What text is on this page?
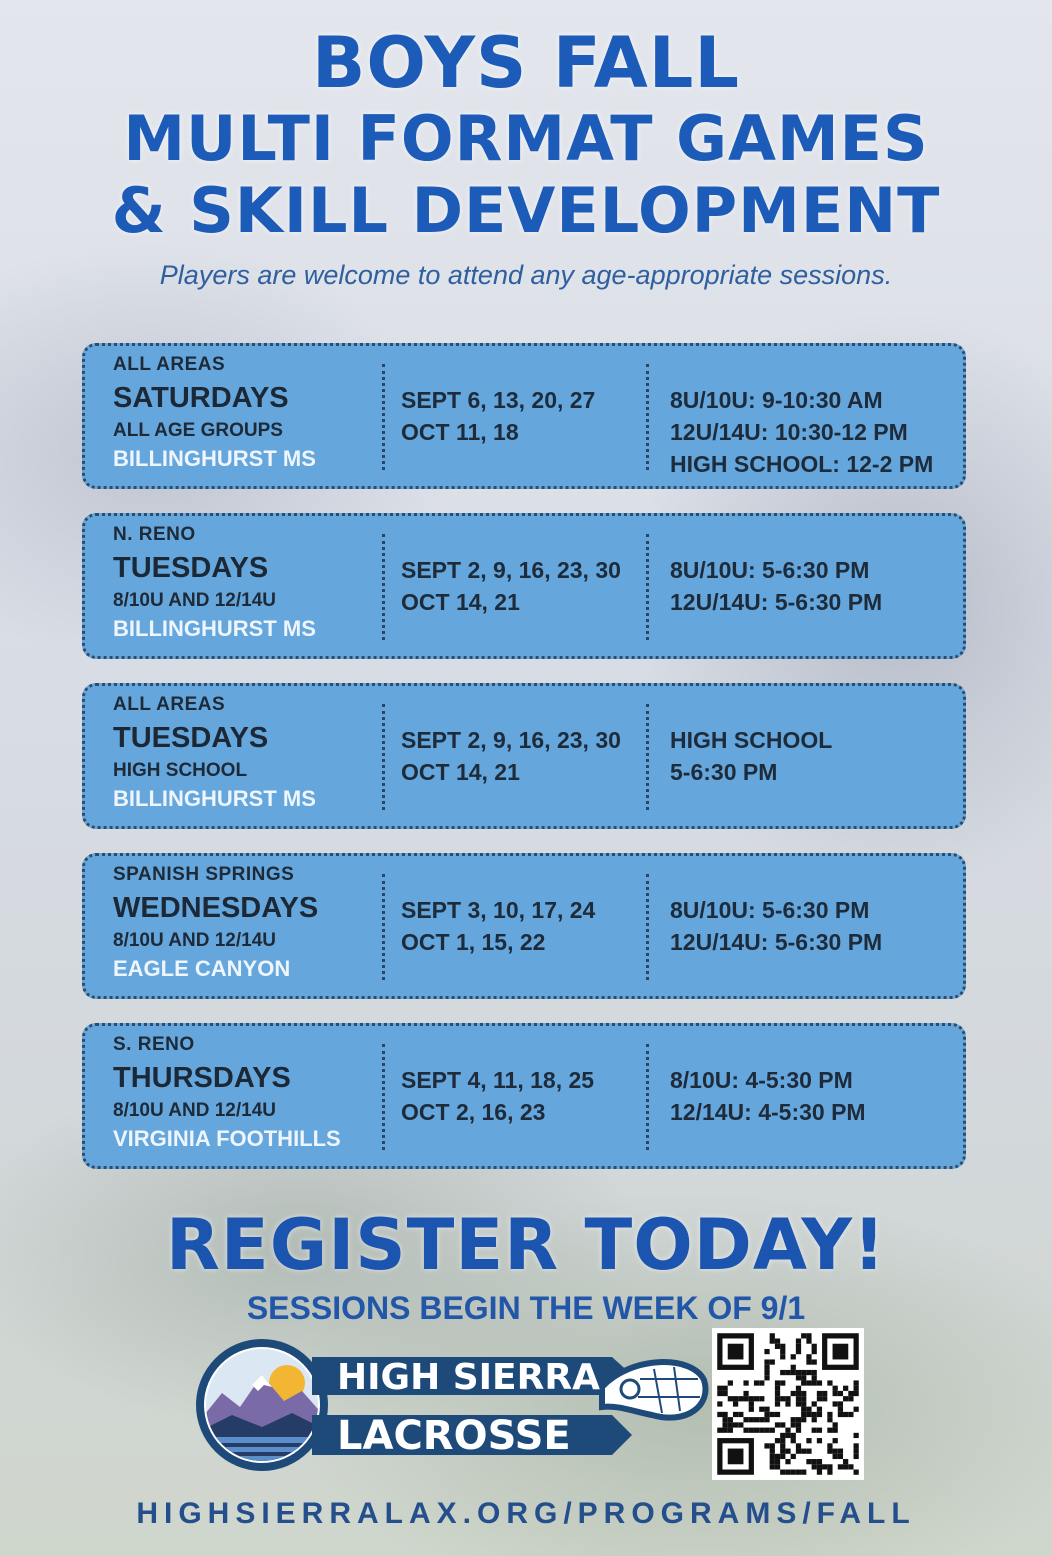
BOYS FALL
MULTI FORMAT GAMES
& SKILL DEVELOPMENT
Players are welcome to attend any age-appropriate sessions.
ALL AREAS
SATURDAYS
ALL AGE GROUPS
BILLINGHURST MS
SEPT 6, 13, 20, 27
OCT 11, 18
8U/10U: 9-10:30 AM
12U/14U: 10:30-12 PM
HIGH SCHOOL: 12-2 PM
N. RENO
TUESDAYS
8/10U AND 12/14U
BILLINGHURST MS
SEPT 2, 9, 16, 23, 30
OCT 14, 21
8U/10U: 5-6:30 PM
12U/14U: 5-6:30 PM
ALL AREAS
TUESDAYS
HIGH SCHOOL
BILLINGHURST MS
SEPT 2, 9, 16, 23, 30
OCT 14, 21
HIGH SCHOOL
5-6:30 PM
SPANISH SPRINGS
WEDNESDAYS
8/10U AND 12/14U
EAGLE CANYON
SEPT 3, 10, 17, 24
OCT 1, 15, 22
8U/10U: 5-6:30 PM
12U/14U: 5-6:30 PM
S. RENO
THURSDAYS
8/10U AND 12/14U
VIRGINIA FOOTHILLS
SEPT 4, 11, 18, 25
OCT 2, 16, 23
8/10U: 4-5:30 PM
12/14U: 4-5:30 PM
REGISTER TODAY!
SESSIONS BEGIN THE WEEK OF 9/1
HIGH SIERRA
LACROSSE
HIGHSIERRALAX.ORG/PROGRAMS/FALL
